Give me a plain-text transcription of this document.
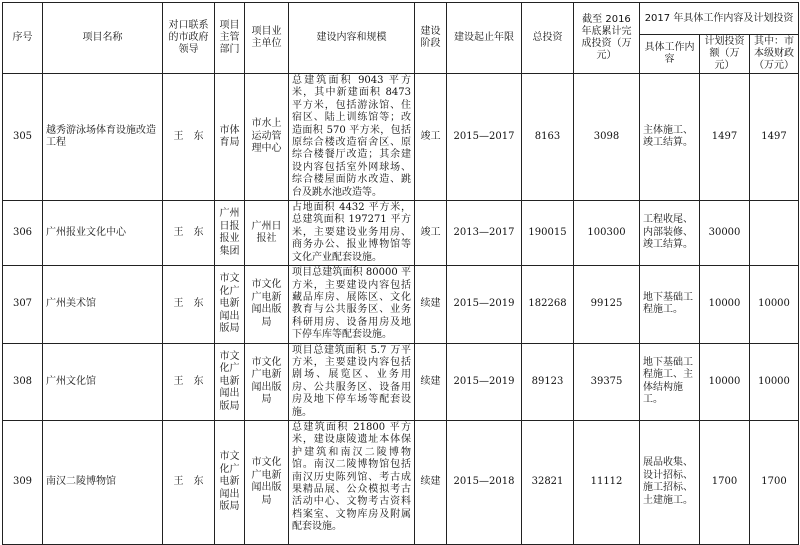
序号	项目名称	对口联系的市政府领导	项目主管部门	项目业主单位	建设内容和规模	建设阶段	建设起止年限	总投资	截至 2016 年底累计完成投资（万元）	2017 年具体工作内容及计划投资		
										具体工作内容	计划投资额（万元）	其中：市本级财政（万元）
305	越秀游泳场体育设施改造工程	王　东	市体育局	市水上运动管理中心	总建筑面积 9043 平方米，其中新建面积 8473 平方米，包括游泳馆、住宿区、陆上训练馆等；改造面积 570 平方米，包括原综合楼改造宿舍区、原综合楼餐厅改造；其余建设内容包括室外网球场、综合楼屋面防水改造、跳台及跳水池改造等。	竣工	2015—2017	8163	3098	主体施工、竣工结算。	1497	1497
306	广州报业文化中心	王　东	广州日报报业集团	广州日报社	占地面积 4432 平方米，总建筑面积 197271 平方米，主要建设业务用房、商务办公、报业博物馆等文化产业配套设施。	竣工	2013—2017	190015	100300	工程收尾、内部装修、竣工结算。	30000	
307	广州美术馆	王　东	市文化广电新闻出版局	市文化广电新闻出版局	项目总建筑面积 80000 平方米，主要建设内容包括藏品库房、展陈区、文化教育与公共服务区、业务科研用房、设备用房及地下停车库等配套设施。	续建	2015—2019	182268	99125	地下基础工程施工。	10000	10000
308	广州文化馆	王　东	市文化广电新闻出版局	市文化广电新闻出版局	项目总建筑面积 5.7 万平方米，主要建设内容包括剧场、展览区、业务用房、公共服务区、设备用房及地下停车场等配套设施。	续建	2015—2019	89123	39375	地下基础工程施工、主体结构施工。	10000	10000
309	南汉二陵博物馆	王　东	市文化广电新闻出版局	市文化广电新闻出版局	总建筑面积 21800 平方米，建设康陵遗址本体保护建筑和南汉二陵博物馆。南汉二陵博物馆包括南汉历史陈列馆、考古成果精品展、公众模拟考古活动中心、文物考古资料档案室、文物库房及附属配套设施。	续建	2015—2018	32821	11112	展品收集、设计招标、施工招标、土建施工。	1700	1700
